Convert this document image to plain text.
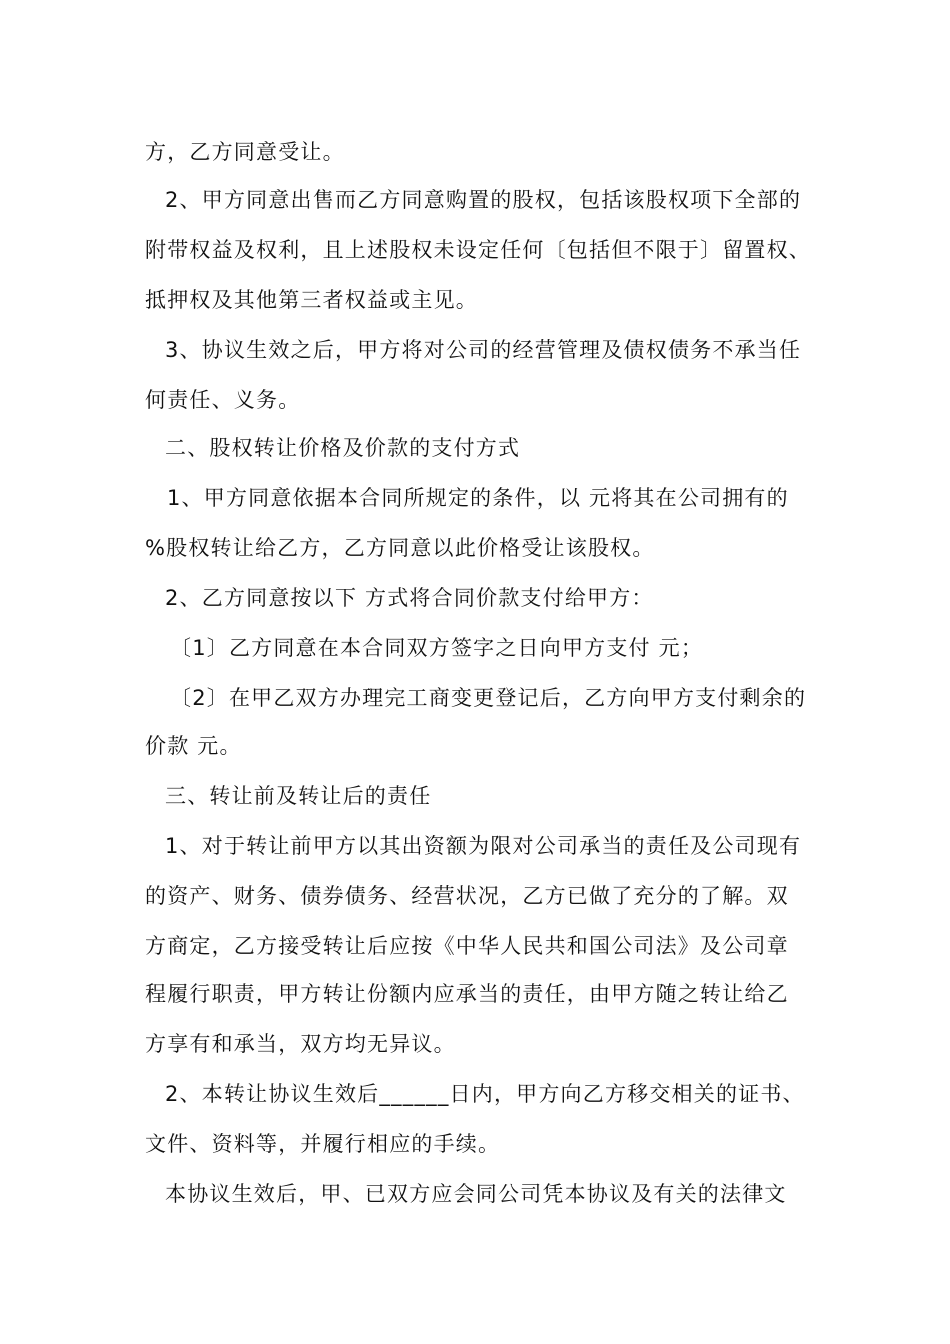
方，乙方同意受让。
2、甲方同意出售而乙方同意购置的股权，包括该股权项下全部的
附带权益及权利，且上述股权未设定任何〔包括但不限于〕留置权、
抵押权及其他第三者权益或主见。
3、协议生效之后，甲方将对公司的经营管理及债权债务不承当任
何责任、义务。
二、股权转让价格及价款的支付方式
1、甲方同意依据本合同所规定的条件，以 元将其在公司拥有的
%股权转让给乙方，乙方同意以此价格受让该股权。
2、乙方同意按以下 方式将合同价款支付给甲方：
〔1〕乙方同意在本合同双方签字之日向甲方支付 元；
〔2〕在甲乙双方办理完工商变更登记后，乙方向甲方支付剩余的
价款 元。
三、转让前及转让后的责任
1、对于转让前甲方以其出资额为限对公司承当的责任及公司现有
的资产、财务、债券债务、经营状况，乙方已做了充分的了解。双
方商定，乙方接受转让后应按《中华人民共和国公司法》及公司章
程履行职责，甲方转让份额内应承当的责任，由甲方随之转让给乙
方享有和承当，双方均无异议。
2、本转让协议生效后______日内，甲方向乙方移交相关的证书、
文件、资料等，并履行相应的手续。
本协议生效后，甲、已双方应会同公司凭本协议及有关的法律文
